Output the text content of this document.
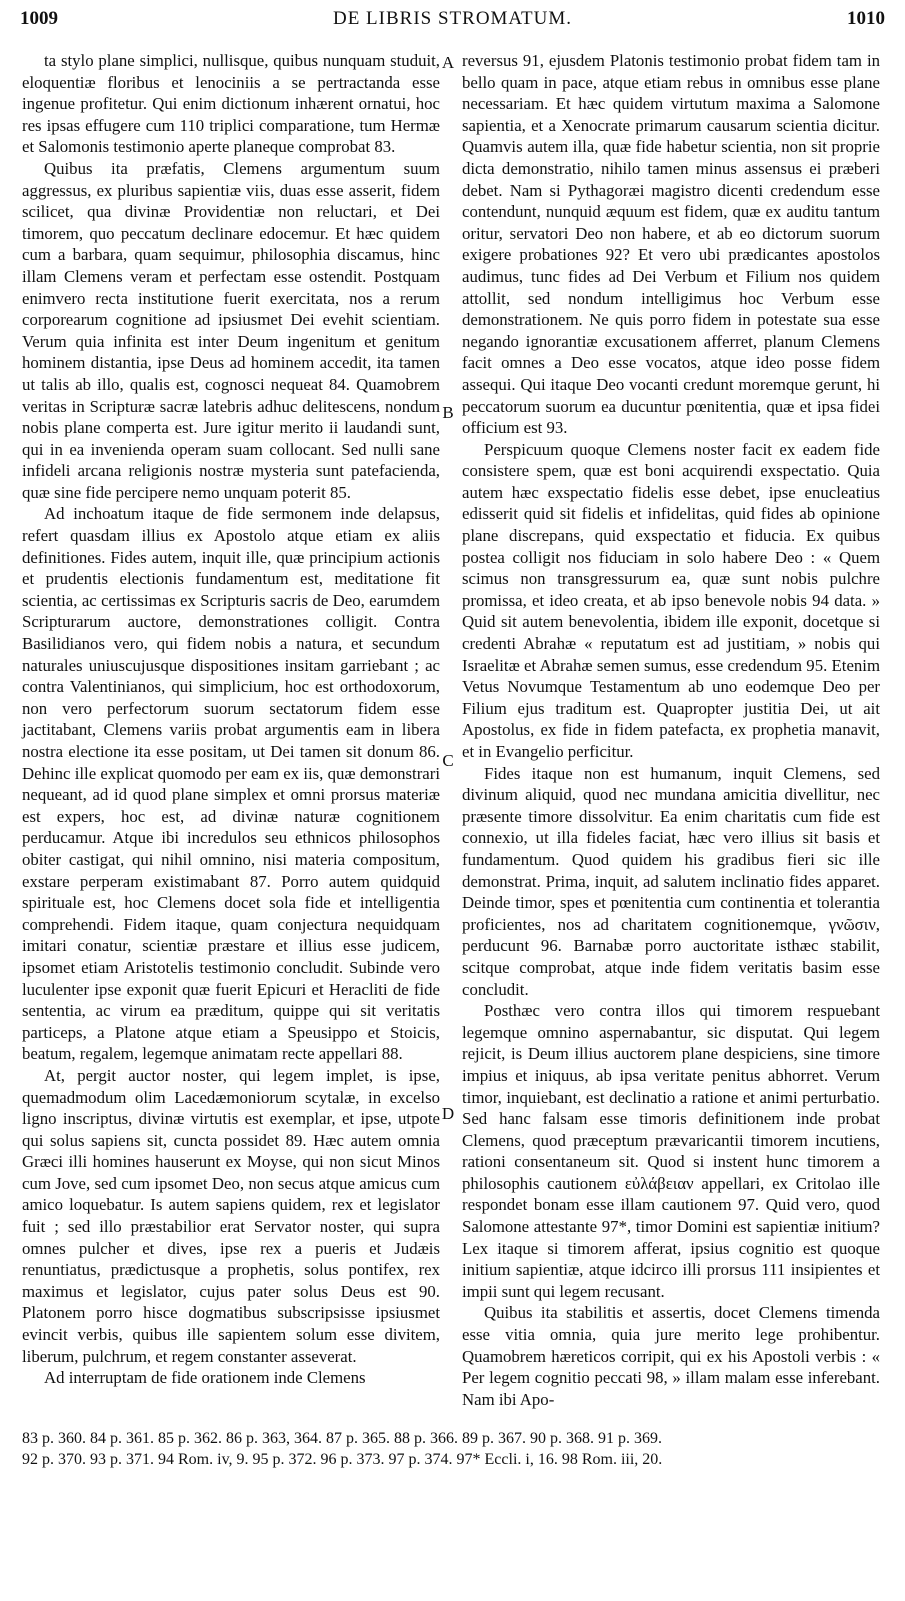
1009	DE LIBRIS STROMATUM.	1010

ta stylo plane simplici, nullisque, quibus nunquam studuit, eloquentiæ floribus et lenociniis a se pertractanda esse ingenue profitetur. Qui enim dictionum inhærent ornatui, hoc res ipsas effugere cum 110 triplici comparatione, tum Hermæ et Salomonis testimonio aperte planeque comprobat 83.

Quibus ita præfatis, Clemens argumentum suum aggressus, ex pluribus sapientiæ viis, duas esse asserit, fidem scilicet, qua divinæ Providentiæ non reluctari, et Dei timorem, quo peccatum declinare edocemur. Et hæc quidem cum a barbara, quam sequimur, philosophia discamus, hinc illam Clemens veram et perfectam esse ostendit. Postquam enimvero recta institutione fuerit exercitata, nos a rerum corporearum cognitione ad ipsiusmet Dei evehit scientiam. Verum quia infinita est inter Deum ingenitum et genitum hominem distantia, ipse Deus ad hominem accedit, ita tamen ut talis ab illo, qualis est, cognosci nequeat 84. Quamobrem veritas in Scripturæ sacræ latebris adhuc delitescens, nondum nobis plane comperta est. Jure igitur merito ii laudandi sunt, qui in ea invenienda operam suam collocant. Sed nulli sane infideli arcana religionis nostræ mysteria sunt patefacienda, quæ sine fide percipere nemo unquam poterit 85.

Ad inchoatum itaque de fide sermonem inde delapsus, refert quasdam illius ex Apostolo atque etiam ex aliis definitiones. Fides autem, inquit ille, quæ principium actionis et prudentis electionis fundamentum est, meditatione fit scientia, ac certissimas ex Scripturis sacris de Deo, earumdem Scripturarum auctore, demonstrationes colligit. Contra Basilidianos vero, qui fidem nobis a natura, et secundum naturales uniuscujusque dispositiones insitam garriebant ; ac contra Valentinianos, qui simplicium, hoc est orthodoxorum, non vero perfectorum suorum sectatorum fidem esse jactitabant, Clemens variis probat argumentis eam in libera nostra electione ita esse positam, ut Dei tamen sit donum 86. Dehinc ille explicat quomodo per eam ex iis, quæ demonstrari nequeant, ad id quod plane simplex et omni prorsus materiæ est expers, hoc est, ad divinæ naturæ cognitionem perducamur. Atque ibi incredulos seu ethnicos philosophos obiter castigat, qui nihil omnino, nisi materia compositum, exstare perperam existimabant 87. Porro autem quidquid spirituale est, hoc Clemens docet sola fide et intelligentia comprehendi. Fidem itaque, quam conjectura nequidquam imitari conatur, scientiæ præstare et illius esse judicem, ipsomet etiam Aristotelis testimonio concludit. Subinde vero luculenter ipse exponit quæ fuerit Epicuri et Heracliti de fide sententia, ac virum ea præditum, quippe qui sit veritatis particeps, a Platone atque etiam a Speusippo et Stoicis, beatum, regalem, legemque animatam recte appellari 88.

At, pergit auctor noster, qui legem implet, is ipse, quemadmodum olim Lacedæmoniorum scytalæ, in excelso ligno inscriptus, divinæ virtutis est exemplar, et ipse, utpote qui solus sapiens sit, cuncta possidet 89. Hæc autem omnia Græci illi homines hauserunt ex Moyse, qui non sicut Minos cum Jove, sed cum ipsomet Deo, non secus atque amicus cum amico loquebatur. Is autem sapiens quidem, rex et legislator fuit ; sed illo præstabilior erat Servator noster, qui supra omnes pulcher et dives, ipse rex a pueris et Judæis renuntiatus, prædictusque a prophetis, solus pontifex, rex maximus et legislator, cujus pater solus Deus est 90. Platonem porro hisce dogmatibus subscripsisse ipsiusmet evincit verbis, quibus ille sapientem solum esse divitem, liberum, pulchrum, et regem constanter asseverat.

Ad interruptam de fide orationem inde Clemens

A
B
C
D

reversus 91, ejusdem Platonis testimonio probat fidem tam in bello quam in pace, atque etiam rebus in omnibus esse plane necessariam. Et hæc quidem virtutum maxima a Salomone sapientia, et a Xenocrate primarum causarum scientia dicitur. Quamvis autem illa, quæ fide habetur scientia, non sit proprie dicta demonstratio, nihilo tamen minus assensus ei præberi debet. Nam si Pythagoræi magistro dicenti credendum esse contendunt, nunquid æquum est fidem, quæ ex auditu tantum oritur, servatori Deo non habere, et ab eo dictorum suorum exigere probationes 92? Et vero ubi prædicantes apostolos audimus, tunc fides ad Dei Verbum et Filium nos quidem attollit, sed nondum intelligimus hoc Verbum esse demonstrationem. Ne quis porro fidem in potestate sua esse negando ignorantiæ excusationem afferret, planum Clemens facit omnes a Deo esse vocatos, atque ideo posse fidem assequi. Qui itaque Deo vocanti credunt moremque gerunt, hi peccatorum suorum ea ducuntur pœnitentia, quæ et ipsa fidei officium est 93.

Perspicuum quoque Clemens noster facit ex eadem fide consistere spem, quæ est boni acquirendi exspectatio. Quia autem hæc exspectatio fidelis esse debet, ipse enucleatius edisserit quid sit fidelis et infidelitas, quid fides ab opinione plane discrepans, quid exspectatio et fiducia. Ex quibus postea colligit nos fiduciam in solo habere Deo : « Quem scimus non transgressurum ea, quæ sunt nobis pulchre promissa, et ideo creata, et ab ipso benevole nobis 94 data. » Quid sit autem benevolentia, ibidem ille exponit, docetque si credenti Abrahæ « reputatum est ad justitiam, » nobis qui Israelitæ et Abrahæ semen sumus, esse credendum 95. Etenim Vetus Novumque Testamentum ab uno eodemque Deo per Filium ejus traditum est. Quapropter justitia Dei, ut ait Apostolus, ex fide in fidem patefacta, ex prophetia manavit, et in Evangelio perficitur.

Fides itaque non est humanum, inquit Clemens, sed divinum aliquid, quod nec mundana amicitia divellitur, nec præsente timore dissolvitur. Ea enim charitatis cum fide est connexio, ut illa fideles faciat, hæc vero illius sit basis et fundamentum. Quod quidem his gradibus fieri sic ille demonstrat. Prima, inquit, ad salutem inclinatio fides apparet. Deinde timor, spes et pœnitentia cum continentia et tolerantia proficientes, nos ad charitatem cognitionemque, γνῶσιν, perducunt 96. Barnabæ porro auctoritate isthæc stabilit, scitque comprobat, atque inde fidem veritatis basim esse concludit.

Posthæc vero contra illos qui timorem respuebant legemque omnino aspernabantur, sic disputat. Qui legem rejicit, is Deum illius auctorem plane despiciens, sine timore impius et iniquus, ab ipsa veritate penitus abhorret. Verum timor, inquiebant, est declinatio a ratione et animi perturbatio. Sed hanc falsam esse timoris definitionem inde probat Clemens, quod præceptum prævaricantii timorem incutiens, rationi consentaneum sit. Quod si instent hunc timorem a philosophis cautionem εὐλάβειαν appellari, ex Critolao ille respondet bonam esse illam cautionem 97. Quid vero, quod Salomone attestante 97*, timor Domini est sapientiæ initium? Lex itaque si timorem afferat, ipsius cognitio est quoque initium sapientiæ, atque idcirco illi prorsus 111 insipientes et impii sunt qui legem recusant.

Quibus ita stabilitis et assertis, docet Clemens timenda esse vitia omnia, quia jure merito lege prohibentur. Quamobrem hæreticos corripit, qui ex his Apostoli verbis : « Per legem cognitio peccati 98, » illam malam esse inferebant. Nam ibi Apo-

83 p. 360. 84 p. 361. 85 p. 362. 86 p. 363, 364. 87 p. 365. 88 p. 366. 89 p. 367. 90 p. 368. 91 p. 369.
92 p. 370. 93 p. 371. 94 Rom. iv, 9. 95 p. 372. 96 p. 373. 97 p. 374. 97* Eccli. i, 16. 98 Rom. iii, 20.
